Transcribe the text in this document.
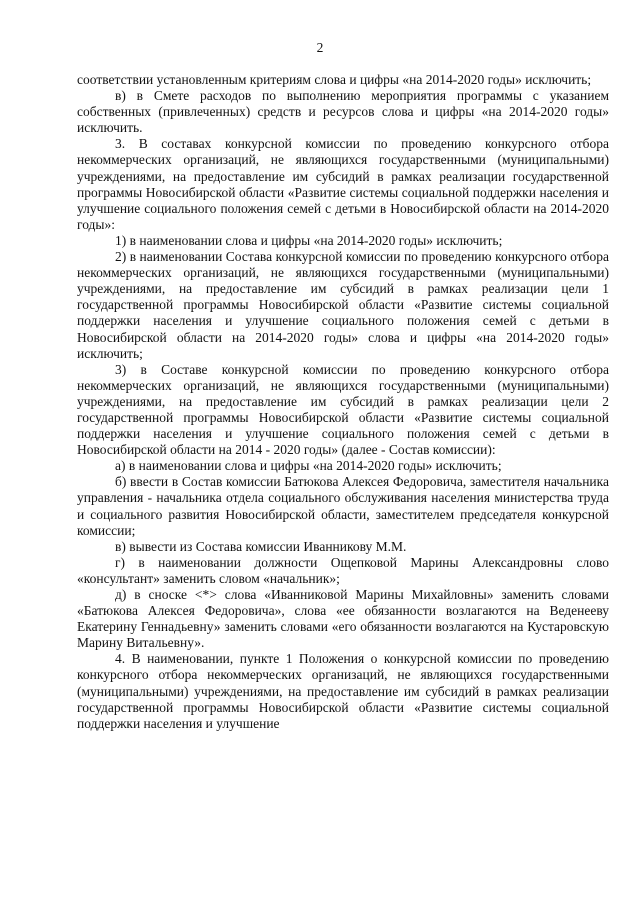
2

соответствии установленным критериям слова и цифры «на 2014-2020 годы» исключить;

в) в Смете расходов по выполнению мероприятия программы с указанием собственных (привлеченных) средств и ресурсов слова и цифры «на 2014-2020 годы» исключить.

3. В составах конкурсной комиссии по проведению конкурсного отбора некоммерческих организаций, не являющихся государственными (муниципальными) учреждениями, на предоставление им субсидий в рамках реализации государственной программы Новосибирской области «Развитие системы социальной поддержки населения и улучшение социального положения семей с детьми в Новосибирской области на 2014-2020 годы»:

1) в наименовании слова и цифры «на 2014-2020 годы» исключить;

2) в наименовании Состава конкурсной комиссии по проведению конкурсного отбора некоммерческих организаций, не являющихся государственными (муниципальными) учреждениями, на предоставление им субсидий в рамках реализации цели 1 государственной программы Новосибирской области «Развитие системы социальной поддержки населения и улучшение социального положения семей с детьми в Новосибирской области на 2014-2020 годы» слова и цифры «на 2014-2020 годы» исключить;

3) в Составе конкурсной комиссии по проведению конкурсного отбора некоммерческих организаций, не являющихся государственными (муниципальными) учреждениями, на предоставление им субсидий в рамках реализации цели 2 государственной программы Новосибирской области «Развитие системы социальной поддержки населения и улучшение социального положения семей с детьми в Новосибирской области на 2014 - 2020 годы» (далее - Состав комиссии):

а) в наименовании слова и цифры «на 2014-2020 годы» исключить;

б) ввести в Состав комиссии Батюкова Алексея Федоровича, заместителя начальника управления - начальника отдела социального обслуживания населения министерства труда и социального развития Новосибирской области, заместителем председателя конкурсной комиссии;

в) вывести из Состава комиссии Иванникову М.М.

г) в наименовании должности Ощепковой Марины Александровны слово «консультант» заменить словом «начальник»;

д) в сноске <*> слова «Иванниковой Марины Михайловны» заменить словами «Батюкова Алексея Федоровича», слова «ее обязанности возлагаются на Веденееву Екатерину Геннадьевну» заменить словами «его обязанности возлагаются на Кустаровскую Марину Витальевну».

4. В наименовании, пункте 1 Положения о конкурсной комиссии по проведению конкурсного отбора некоммерческих организаций, не являющихся государственными (муниципальными) учреждениями, на предоставление им субсидий в рамках реализации государственной программы Новосибирской области «Развитие системы социальной поддержки населения и улучшение
